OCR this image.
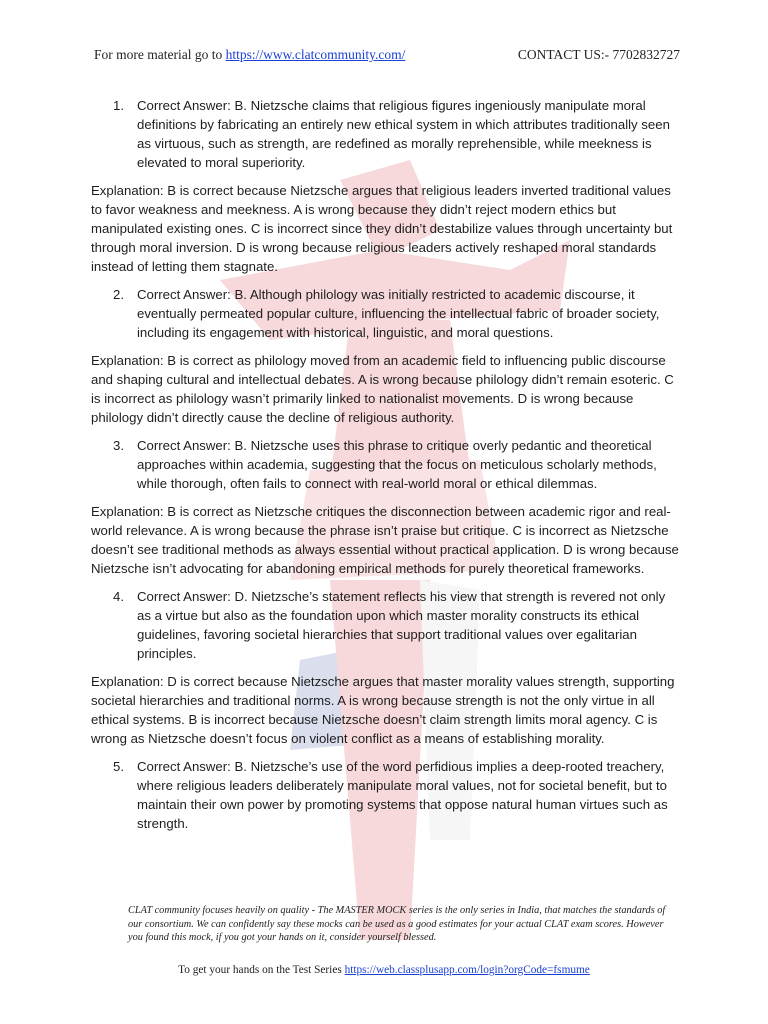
For more material go to https://www.clatcommunity.com/	CONTACT US:- 7702832727
1. Correct Answer: B. Nietzsche claims that religious figures ingeniously manipulate moral definitions by fabricating an entirely new ethical system in which attributes traditionally seen as virtuous, such as strength, are redefined as morally reprehensible, while meekness is elevated to moral superiority.

Explanation: B is correct because Nietzsche argues that religious leaders inverted traditional values to favor weakness and meekness. A is wrong because they didn’t reject modern ethics but manipulated existing ones. C is incorrect since they didn’t destabilize values through uncertainty but through moral inversion. D is wrong because religious leaders actively reshaped moral standards instead of letting them stagnate.

2. Correct Answer: B. Although philology was initially restricted to academic discourse, it eventually permeated popular culture, influencing the intellectual fabric of broader society, including its engagement with historical, linguistic, and moral questions.

Explanation: B is correct as philology moved from an academic field to influencing public discourse and shaping cultural and intellectual debates. A is wrong because philology didn’t remain esoteric. C is incorrect as philology wasn’t primarily linked to nationalist movements. D is wrong because philology didn’t directly cause the decline of religious authority.

3. Correct Answer: B. Nietzsche uses this phrase to critique overly pedantic and theoretical approaches within academia, suggesting that the focus on meticulous scholarly methods, while thorough, often fails to connect with real-world moral or ethical dilemmas.

Explanation: B is correct as Nietzsche critiques the disconnection between academic rigor and real-world relevance. A is wrong because the phrase isn’t praise but critique. C is incorrect as Nietzsche doesn’t see traditional methods as always essential without practical application. D is wrong because Nietzsche isn’t advocating for abandoning empirical methods for purely theoretical frameworks.

4. Correct Answer: D. Nietzsche’s statement reflects his view that strength is revered not only as a virtue but also as the foundation upon which master morality constructs its ethical guidelines, favoring societal hierarchies that support traditional values over egalitarian principles.

Explanation: D is correct because Nietzsche argues that master morality values strength, supporting societal hierarchies and traditional norms. A is wrong because strength is not the only virtue in all ethical systems. B is incorrect because Nietzsche doesn’t claim strength limits moral agency. C is wrong as Nietzsche doesn’t focus on violent conflict as a means of establishing morality.

5. Correct Answer: B. Nietzsche’s use of the word perfidious implies a deep-rooted treachery, where religious leaders deliberately manipulate moral values, not for societal benefit, but to maintain their own power by promoting systems that oppose natural human virtues such as strength.
CLAT community focuses heavily on quality - The MASTER MOCK series is the only series in India, that matches the standards of our consortium. We can confidently say these mocks can be used as a good estimates for your actual CLAT exam scores. However you found this mock, if you got your hands on it, consider yourself blessed.
To get your hands on the Test Series https://web.classplusapp.com/login?orgCode=fsmume
